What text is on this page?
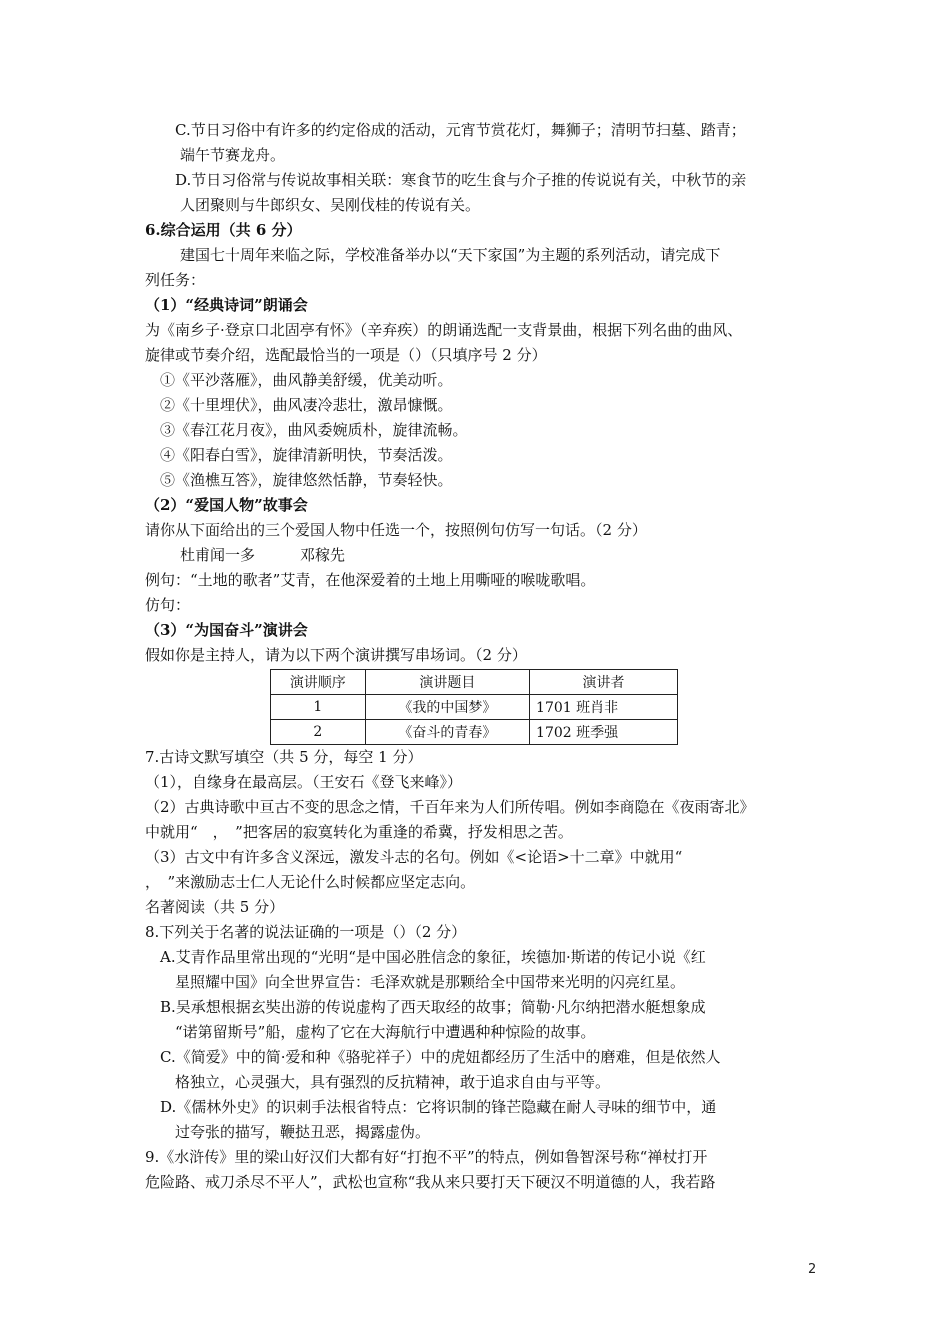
C.节日习俗中有许多的约定俗成的活动，元宵节赏花灯，舞狮子；清明节扫墓、踏青；
端午节赛龙舟。
D.节日习俗常与传说故事相关联：寒食节的吃生食与介子推的传说说有关，中秋节的亲
人团聚则与牛郎织女、吴刚伐桂的传说有关。
6.综合运用（共 6 分）
建国七十周年来临之际，学校准备举办以“天下家国”为主题的系列活动，请完成下
列任务：
（1）“经典诗词”朗诵会
为《南乡子·登京口北固亭有怀》（辛弃疾）的朗诵选配一支背景曲，根据下列名曲的曲风、
旋律或节奏介绍，选配最恰当的一项是（）（只填序号 2 分）
①《平沙落雁》，曲风静美舒缓，优美动听。
②《十里埋伏》，曲风凄冷悲壮，激昂慷慨。
③《春江花月夜》，曲风委婉质朴，旋律流畅。
④《阳春白雪》，旋律清新明快，节奏活泼。
⑤《渔樵互答》，旋律悠然恬静，节奏轻快。
（2）“爱国人物”故事会
请你从下面给出的三个爱国人物中任选一个，按照例句仿写一句话。（2 分）
杜甫闻一多　　　邓稼先
例句：“土地的歌者”艾青，在他深爱着的土地上用嘶哑的喉咙歌唱。
仿句：
（3）“为国奋斗”演讲会
假如你是主持人，请为以下两个演讲撰写串场词。（2 分）
演讲顺序	演讲题目	演讲者
1	《我的中国梦》	1701 班肖非
2	《奋斗的青春》	1702 班季强
7.古诗文默写填空（共 5 分，每空 1 分）
（1），自缘身在最高层。（王安石《登飞来峰》）
（2）古典诗歌中亘古不变的思念之情，千百年来为人们所传唱。例如李商隐在《夜雨寄北》
中就用“　，　”把客居的寂寞转化为重逢的希冀，抒发相思之苦。
（3）古文中有许多含义深远，激发斗志的名句。例如《<论语>十二章》中就用“
，　”来激励志士仁人无论什么时候都应坚定志向。
名著阅读（共 5 分）
8.下列关于名著的说法证确的一项是（）（2 分）
A.艾青作品里常出现的“光明“是中国必胜信念的象征，埃德加·斯诺的传记小说《红
星照耀中国》向全世界宣告：毛泽欢就是那颗给全中国带来光明的闪亮红星。
B.吴承想根据玄奘出游的传说虚构了西天取经的故事；简勒·凡尔纳把潜水艇想象成
“诺第留斯号”船，虚构了它在大海航行中遭遇种种惊险的故事。
C.《简爱》中的简·爱和种《骆驼祥子）中的虎妞都经历了生活中的磨难，但是依然人
格独立，心灵强大，具有强烈的反抗精神，敢于追求自由与平等。
D.《儒林外史》的识刺手法根省特点：它将识制的锋芒隐藏在耐人寻味的细节中，通
过夸张的描写，鞭挞丑恶，揭露虚伪。
9.《水浒传》里的梁山好汉们大都有好“打抱不平”的特点，例如鲁智深号称“禅杖打开
危险路、戒刀杀尽不平人”，武松也宣称“我从来只要打天下硬汉不明道德的人，我若路
2
